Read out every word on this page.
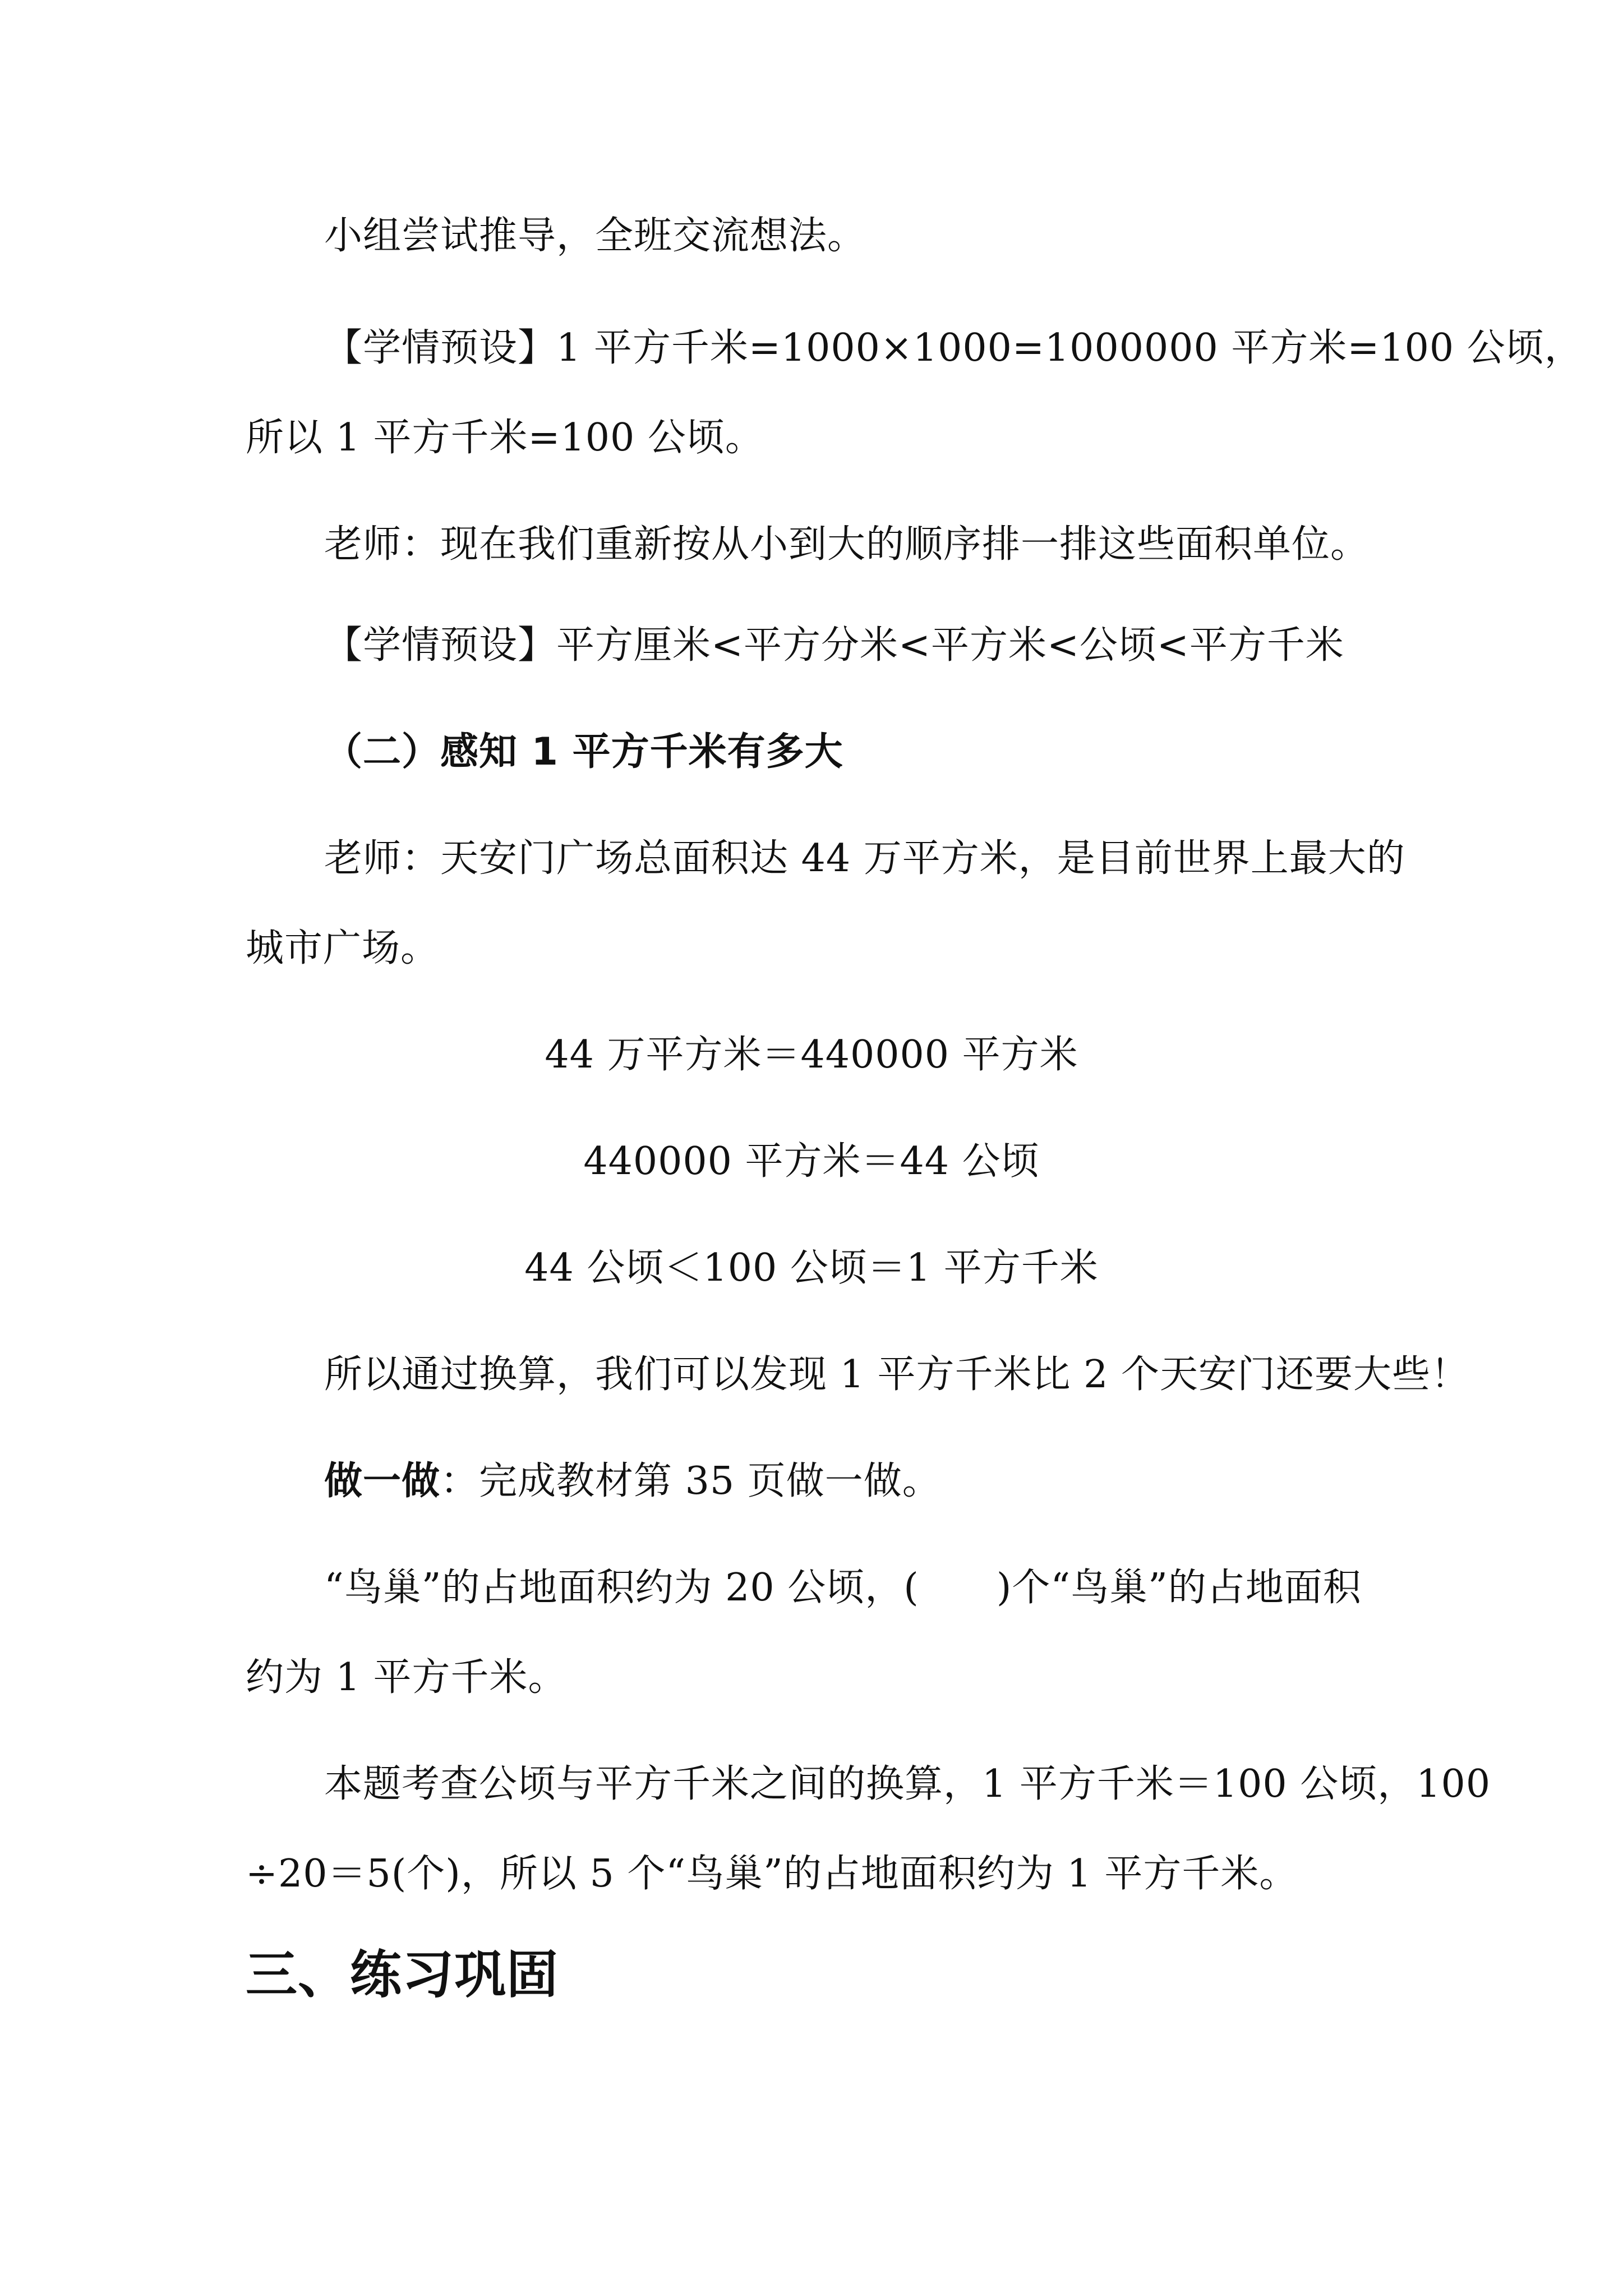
小组尝试推导，全班交流想法。
【学情预设】1 平方千米=1000×1000=1000000 平方米=100 公顷，
所以 1 平方千米=100 公顷。
老师：现在我们重新按从小到大的顺序排一排这些面积单位。
【学情预设】平方厘米<平方分米<平方米<公顷<平方千米
（二）感知 1 平方千米有多大
老师：天安门广场总面积达 44 万平方米，是目前世界上最大的
城市广场。
44 万平方米＝440000 平方米
440000 平方米＝44 公顷
44 公顷＜100 公顷＝1 平方千米
所以通过换算，我们可以发现 1 平方千米比 2 个天安门还要大些！
做一做：完成教材第 35 页做一做。
“鸟巢”的占地面积约为 20 公顷，(　　)个“鸟巢”的占地面积
约为 1 平方千米。
本题考查公顷与平方千米之间的换算，1 平方千米＝100 公顷，100
÷20＝5(个)，所以 5 个“鸟巢”的占地面积约为 1 平方千米。
三、练习巩固
